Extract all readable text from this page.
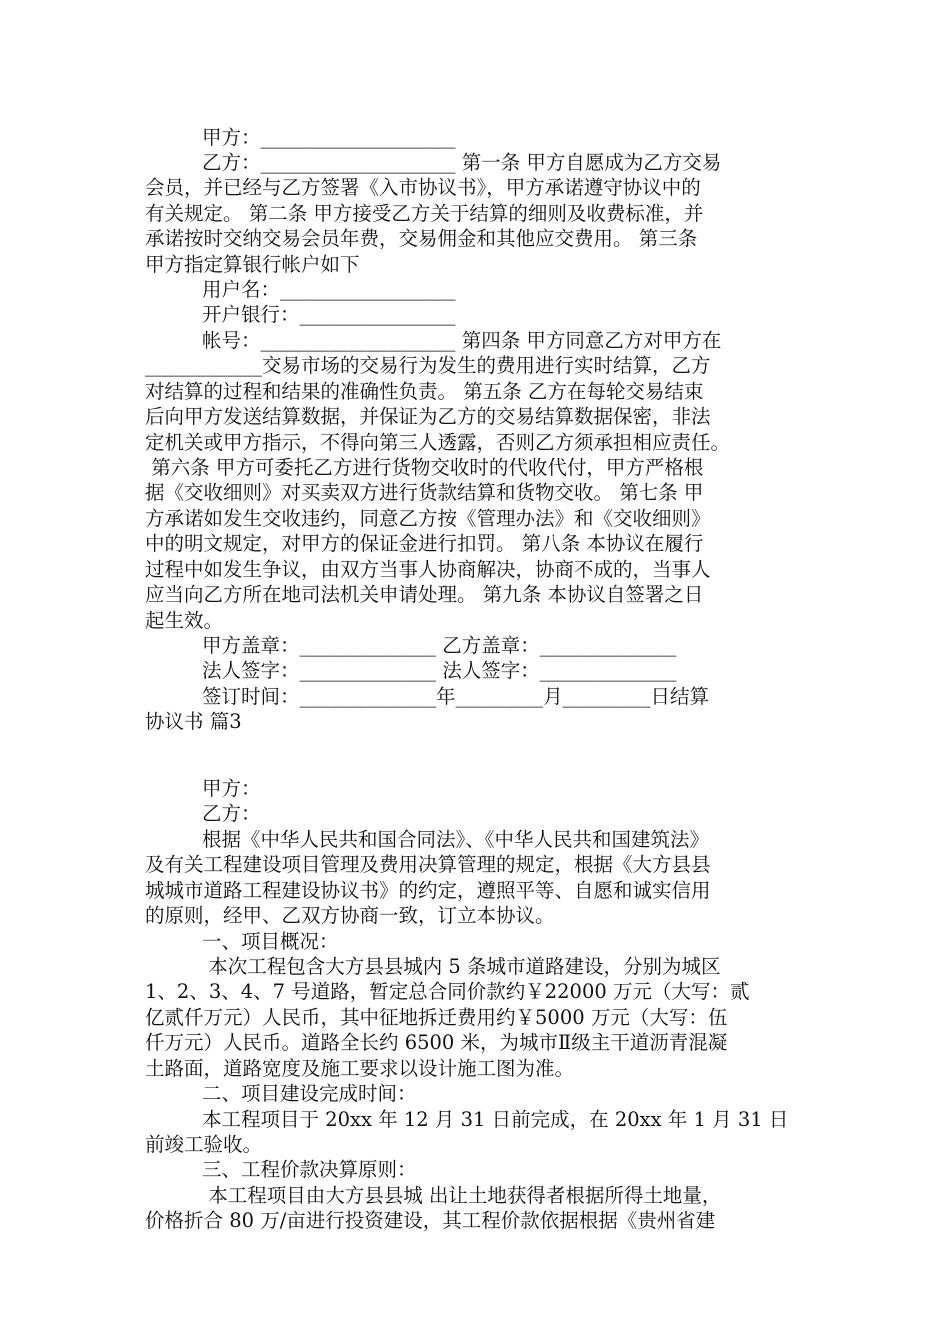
甲方：____________________
乙方：____________________ 第一条 甲方自愿成为乙方交易
会员，并已经与乙方签署《入市协议书》，甲方承诺遵守协议中的
有关规定。 第二条 甲方接受乙方关于结算的细则及收费标准，并
承诺按时交纳交易会员年费，交易佣金和其他应交费用。 第三条
甲方指定算银行帐户如下
用户名：__________________
开户银行：________________
帐号：____________________ 第四条 甲方同意乙方对甲方在
____________交易市场的交易行为发生的费用进行实时结算，乙方
对结算的过程和结果的准确性负责。 第五条 乙方在每轮交易结束
后向甲方发送结算数据，并保证为乙方的交易结算数据保密，非法
定机关或甲方指示，不得向第三人透露，否则乙方须承担相应责任。
第六条 甲方可委托乙方进行货物交收时的代收代付，甲方严格根
据《交收细则》对买卖双方进行货款结算和货物交收。 第七条 甲
方承诺如发生交收违约，同意乙方按《管理办法》和《交收细则》
中的明文规定，对甲方的保证金进行扣罚。 第八条 本协议在履行
过程中如发生争议，由双方当事人协商解决，协商不成的，当事人
应当向乙方所在地司法机关申请处理。 第九条 本协议自签署之日
起生效。
甲方盖章：______________ 乙方盖章：______________
法人签字：______________ 法人签字：______________
签订时间：______________年_________月_________日结算
协议书 篇3
甲方：
乙方：
根据《中华人民共和国合同法》、《中华人民共和国建筑法》
及有关工程建设项目管理及费用决算管理的规定，根据《大方县县
城城市道路工程建设协议书》的约定，遵照平等、自愿和诚实信用
的原则，经甲、乙双方协商一致，订立本协议。
一、项目概况：
本次工程包含大方县县城内 5 条城市道路建设，分别为城区
1、2、3、4、7 号道路，暂定总合同价款约￥22000 万元（大写：贰
亿贰仟万元）人民币，其中征地拆迁费用约￥5000 万元（大写：伍
仟万元）人民币。道路全长约 6500 米，为城市Ⅱ级主干道沥青混凝
土路面，道路宽度及施工要求以设计施工图为准。
二、项目建设完成时间：
本工程项目于 20xx 年 12 月 31 日前完成，在 20xx 年 1 月 31 日
前竣工验收。
三、工程价款决算原则：
本工程项目由大方县县城 出让土地获得者根据所得土地量，
价格折合 80 万/亩进行投资建设，其工程价款依据根据《贵州省建
